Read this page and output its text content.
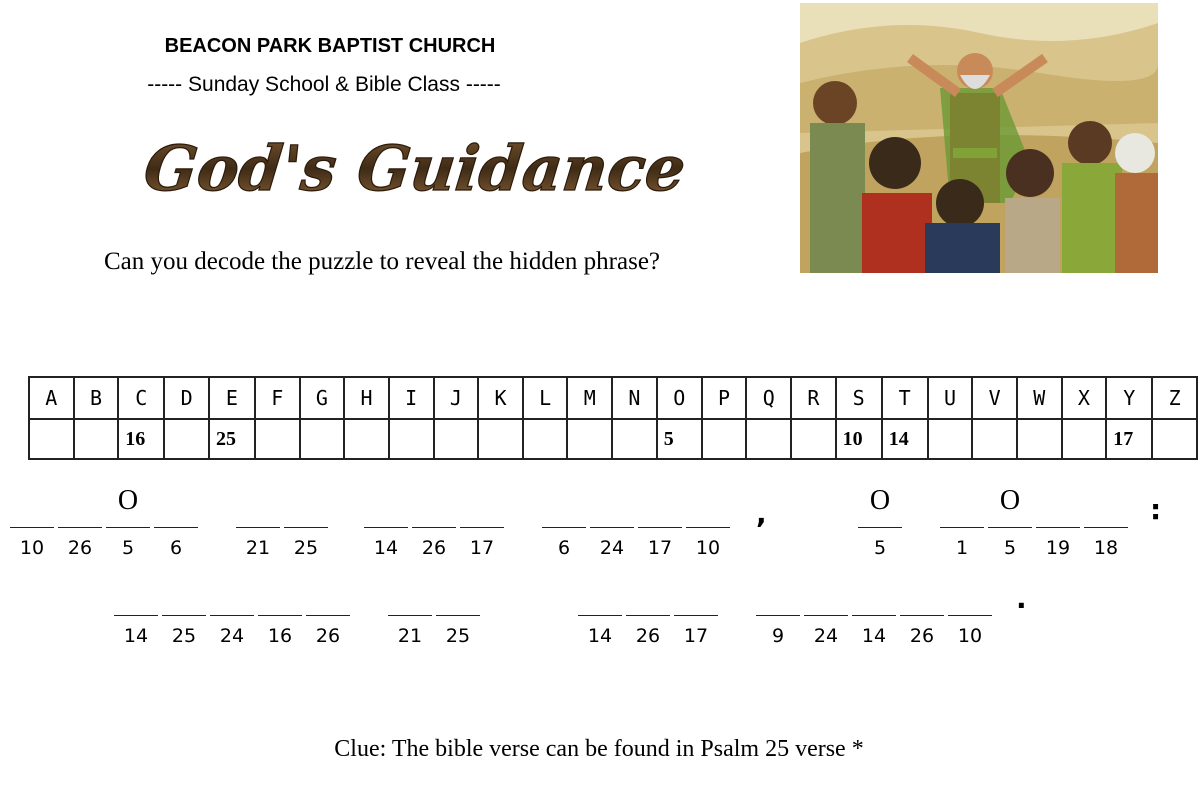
BEACON PARK BAPTIST CHURCH
----- Sunday School & Bible Class -----
God's Guidance
Can you decode the puzzle to reveal the hidden phrase?
A	B	C	D	E	F	G	H	I	J	K	L	M	N	O	P	Q	R	S	T	U	V	W	X	Y	Z
		16		25										5				10	14					17	
10	26	5
O
6	21	25	14	26	17	6	24	17	10	5
O
1	5
O
19	18
14	25	24	16	26	21	25	14	26	17	9	24	14	26	10
,	:
.
Clue: The bible verse can be found in Psalm 25 verse *
